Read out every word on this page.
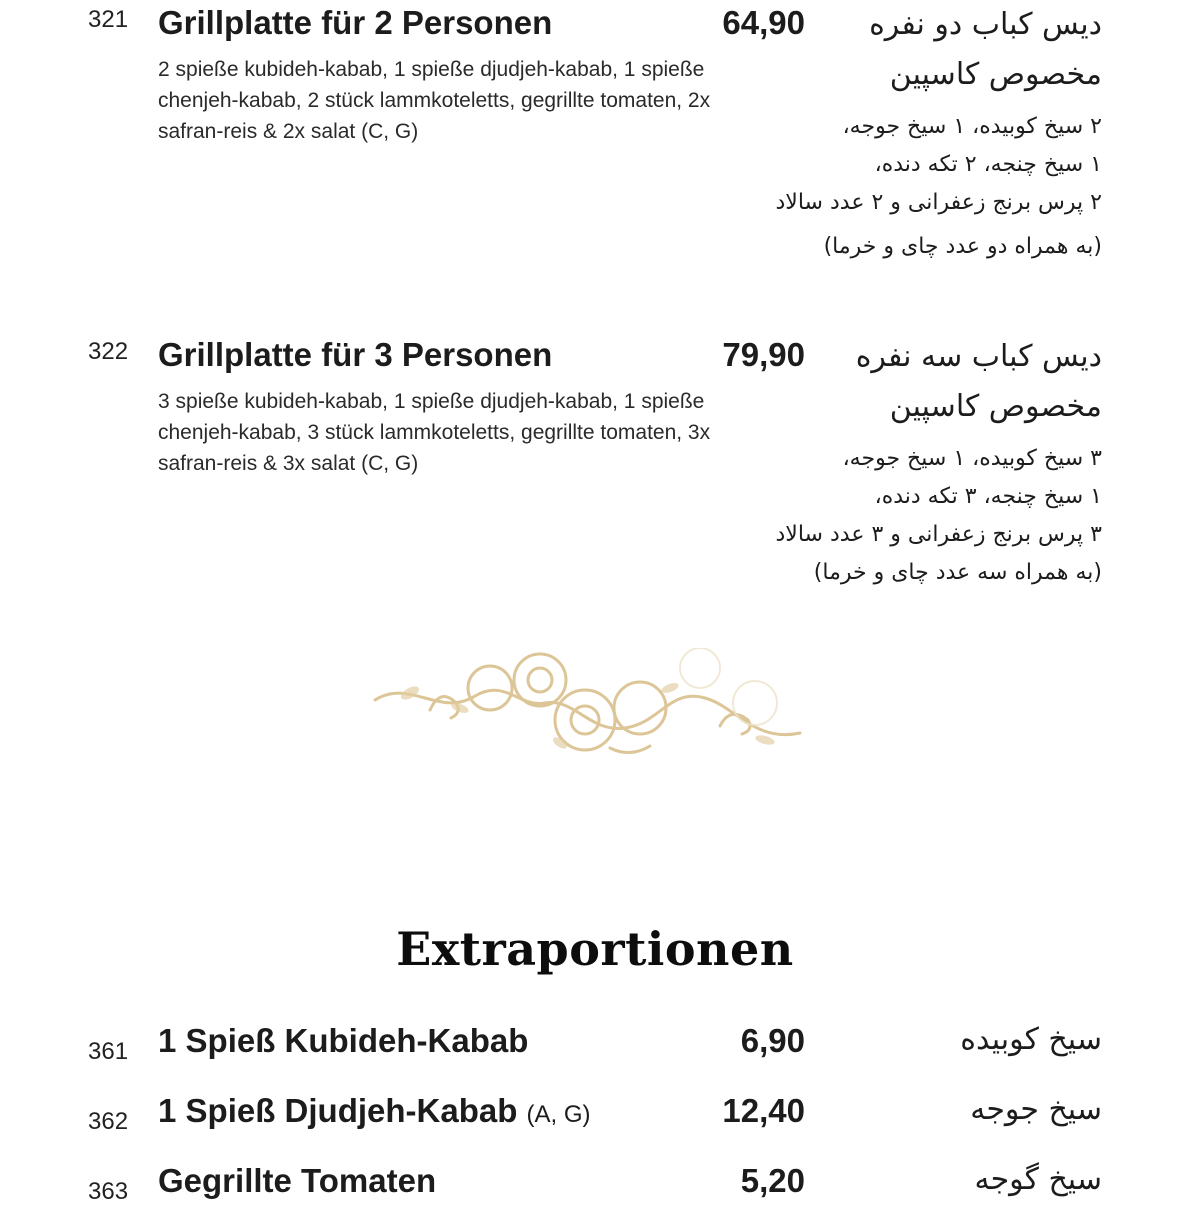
321 Grillplatte für 2 Personen	64,90
2 spieße kubideh-kabab, 1 spieße djudjeh-kabab, 1 spieße chenjeh-kabab, 2 stück lammkoteletts, gegrillte tomaten, 2x safran-reis & 2x salat (C, G)
دیس کباب دو نفره
مخصوص کاسپین
۲ سیخ کوبیده، ۱ سیخ جوجه،
۱ سیخ چنجه، ۲ تکه دنده،
۲ پرس برنج زعفرانی و ۲ عدد سالاد
(به همراه دو عدد چای و خرما)
322 Grillplatte für 3 Personen	79,90
3 spieße kubideh-kabab, 1 spieße djudjeh-kabab, 1 spieße chenjeh-kabab, 3 stück lammkoteletts, gegrillte tomaten, 3x safran-reis & 3x salat (C, G)
دیس کباب سه نفره
مخصوص کاسپین
۳ سیخ کوبیده، ۱ سیخ جوجه،
۱ سیخ چنجه، ۳ تکه دنده،
۳ پرس برنج زعفرانی و ۳ عدد سالاد
(به همراه سه عدد چای و خرما)
Extraportionen
361 1 Spieß Kubideh-Kabab	6,90	سیخ کوبیده
362 1 Spieß Djudjeh-Kabab (A, G)	12,40	سیخ جوجه
363 Gegrillte Tomaten	5,20	سیخ گوجه
